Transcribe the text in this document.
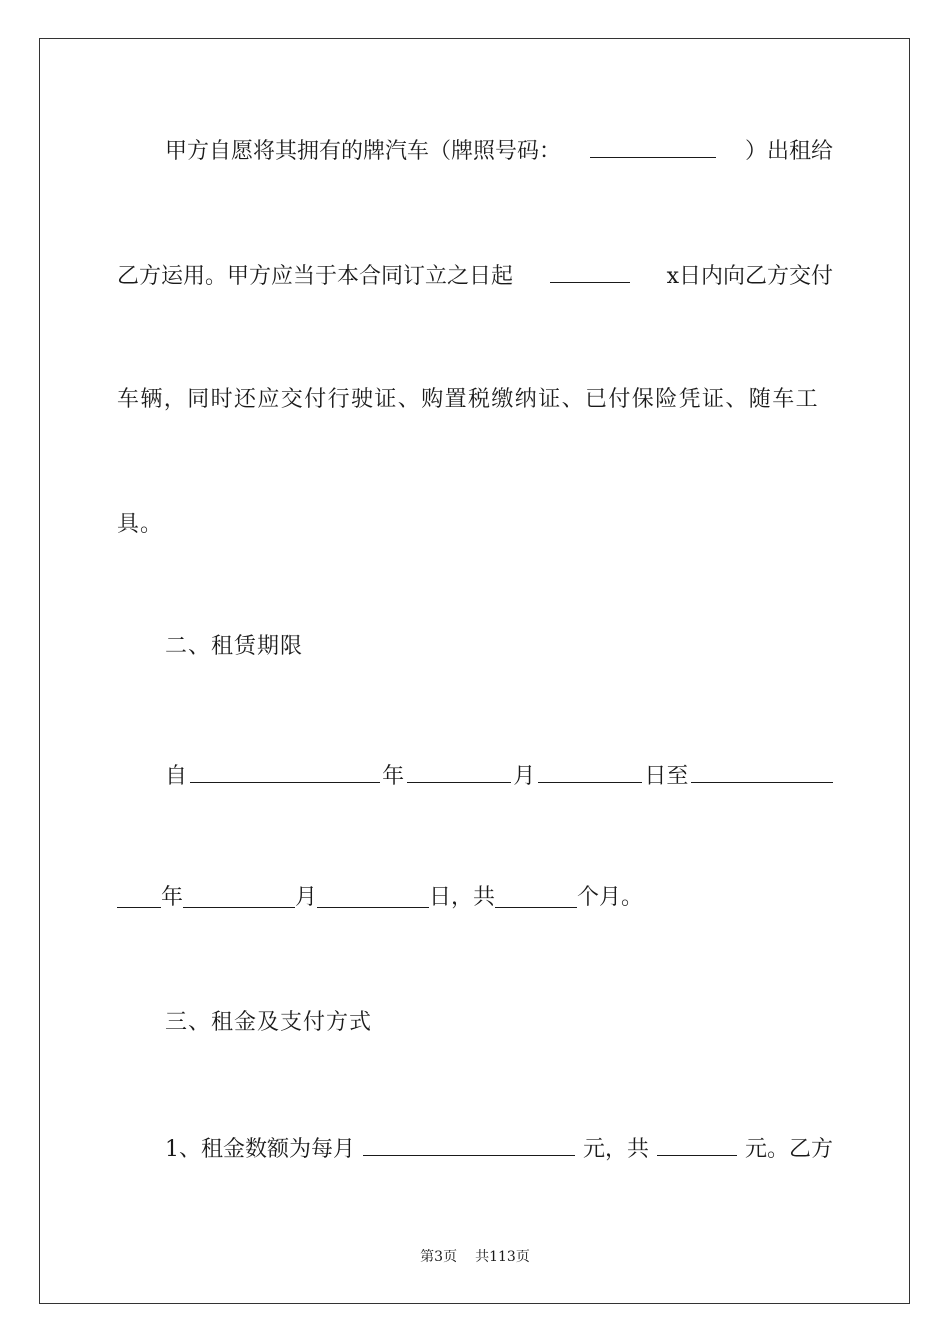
甲方自愿将其拥有的牌汽车（牌照号码：	）出租给
乙方运用。甲方应当于本合同订立之日起	x日内向乙方交付
车辆，同时还应交付行驶证、购置税缴纳证、已付保险凭证、随车工
具。
二、租赁期限
自	年	月	日至
年	月	日，共	个月。
三、租金及支付方式
1、租金数额为每月	元，共	元。乙方
第3页 共113页
